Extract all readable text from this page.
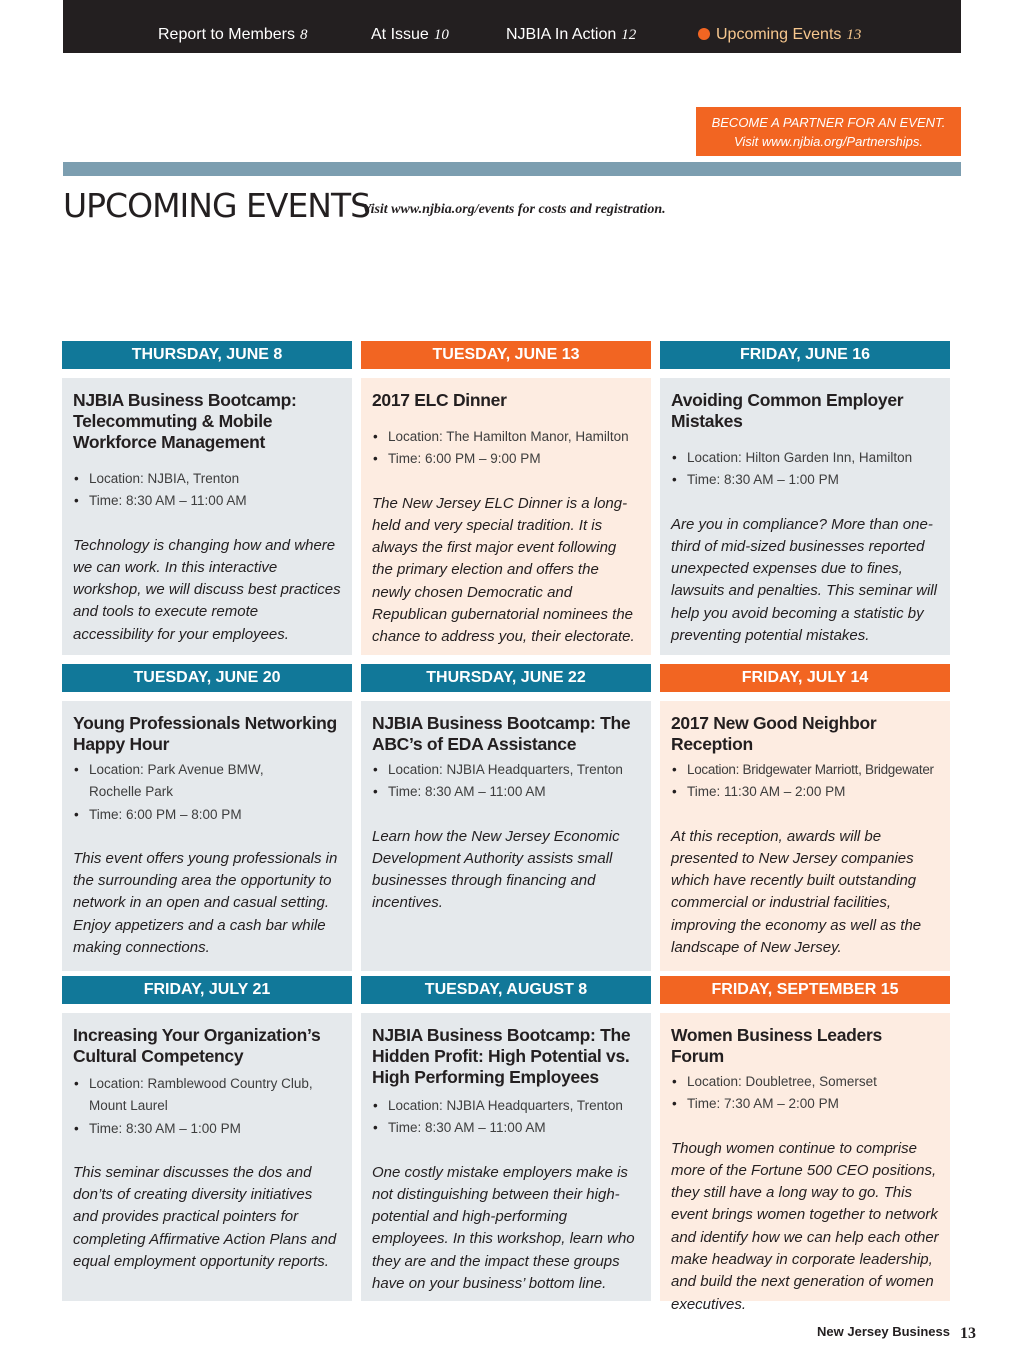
Report to Members 8	At Issue 10	NJBIA In Action 12	Upcoming Events 13
BECOME A PARTNER FOR AN EVENT.
Visit www.njbia.org/Partnerships.
UPCOMING EVENTS
Visit www.njbia.org/events for costs and registration.
THURSDAY, JUNE 8
NJBIA Business Bootcamp: Telecommuting & Mobile Workforce Management
• Location: NJBIA, Trenton
• Time: 8:30 AM – 11:00 AM
Technology is changing how and where we can work. In this interactive workshop, we will discuss best practices and tools to execute remote accessibility for your employees.
TUESDAY, JUNE 13
2017 ELC Dinner
• Location: The Hamilton Manor, Hamilton
• Time: 6:00 PM – 9:00 PM
The New Jersey ELC Dinner is a long-held and very special tradition. It is always the first major event following the primary election and offers the newly chosen Democratic and Republican gubernatorial nominees the chance to address you, their electorate.
FRIDAY, JUNE 16
Avoiding Common Employer Mistakes
• Location: Hilton Garden Inn, Hamilton
• Time: 8:30 AM – 1:00 PM
Are you in compliance? More than one-third of mid-sized businesses reported unexpected expenses due to fines, lawsuits and penalties. This seminar will help you avoid becoming a statistic by preventing potential mistakes.
TUESDAY, JUNE 20
Young Professionals Networking Happy Hour
• Location: Park Avenue BMW, Rochelle Park
• Time: 6:00 PM – 8:00 PM
This event offers young professionals in the surrounding area the opportunity to network in an open and casual setting. Enjoy appetizers and a cash bar while making connections.
THURSDAY, JUNE 22
NJBIA Business Bootcamp: The ABC’s of EDA Assistance
• Location: NJBIA Headquarters, Trenton
• Time: 8:30 AM – 11:00 AM
Learn how the New Jersey Economic Development Authority assists small businesses through financing and incentives.
FRIDAY, JULY 14
2017 New Good Neighbor Reception
• Location: Bridgewater Marriott, Bridgewater
• Time: 11:30 AM – 2:00 PM
At this reception, awards will be presented to New Jersey companies which have recently built outstanding commercial or industrial facilities, improving the economy as well as the landscape of New Jersey.
FRIDAY, JULY 21
Increasing Your Organization’s Cultural Competency
• Location: Ramblewood Country Club, Mount Laurel
• Time: 8:30 AM – 1:00 PM
This seminar discusses the dos and don’ts of creating diversity initiatives and provides practical pointers for completing Affirmative Action Plans and equal employment opportunity reports.
TUESDAY, AUGUST 8
NJBIA Business Bootcamp: The Hidden Profit: High Potential vs. High Performing Employees
• Location: NJBIA Headquarters, Trenton
• Time: 8:30 AM – 11:00 AM
One costly mistake employers make is not distinguishing between their high-potential and high-performing employees. In this workshop, learn who they are and the impact these groups have on your business’ bottom line.
FRIDAY, SEPTEMBER 15
Women Business Leaders Forum
• Location: Doubletree, Somerset
• Time: 7:30 AM – 2:00 PM
Though women continue to comprise more of the Fortune 500 CEO positions, they still have a long way to go. This event brings women together to network and identify how we can help each other make headway in corporate leadership, and build the next generation of women executives.
New Jersey Business 13
